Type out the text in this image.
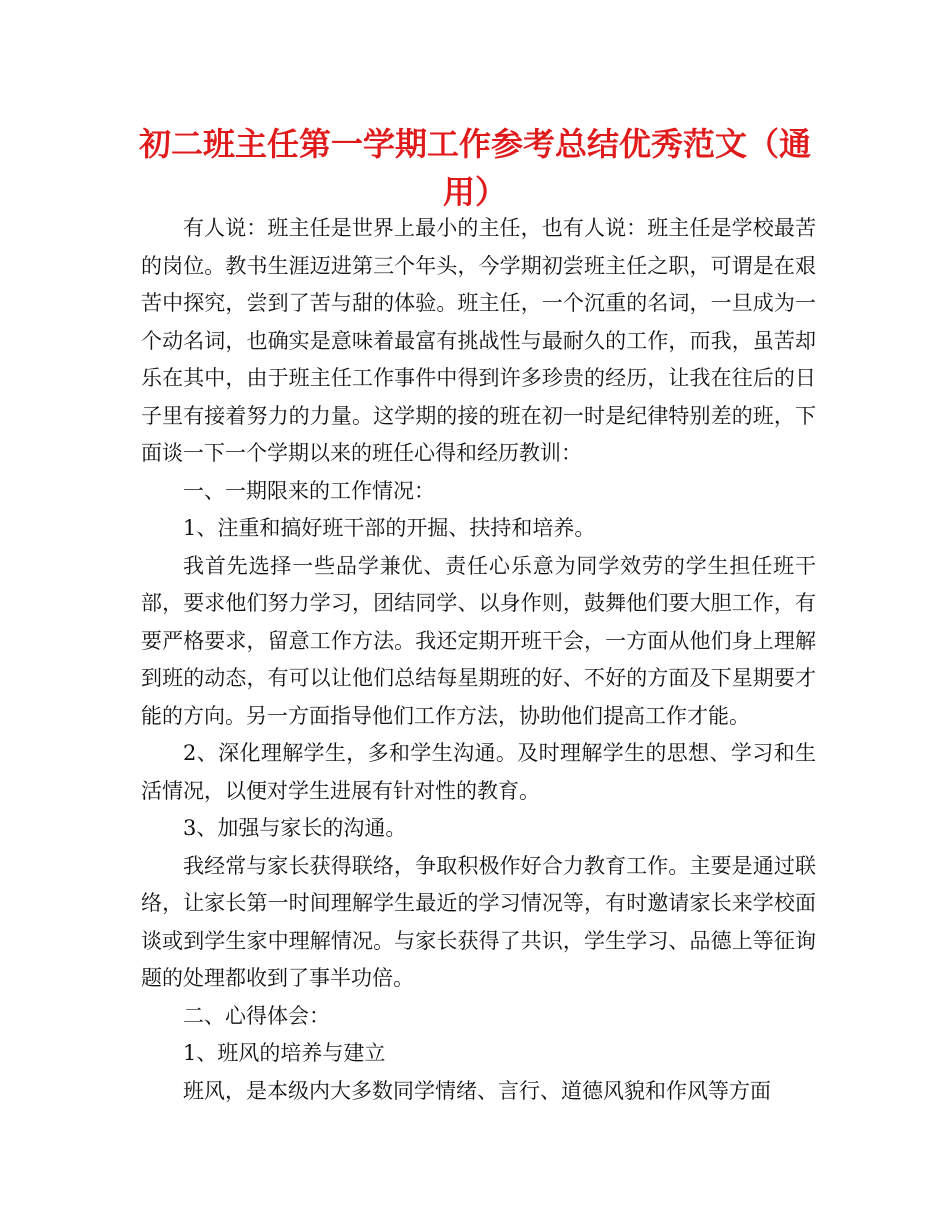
初二班主任第一学期工作参考总结优秀范文（通用）

有人说：班主任是世界上最小的主任，也有人说：班主任是学校最苦的岗位。教书生涯迈进第三个年头，今学期初尝班主任之职，可谓是在艰苦中探究，尝到了苦与甜的体验。班主任，一个沉重的名词，一旦成为一个动名词，也确实是意味着最富有挑战性与最耐久的工作，而我，虽苦却乐在其中，由于班主任工作事件中得到许多珍贵的经历，让我在往后的日子里有接着努力的力量。这学期的接的班在初一时是纪律特别差的班，下面谈一下一个学期以来的班任心得和经历教训：

一、一期限来的工作情况：

1、注重和搞好班干部的开掘、扶持和培养。

我首先选择一些品学兼优、责任心乐意为同学效劳的学生担任班干部，要求他们努力学习，团结同学、以身作则，鼓舞他们要大胆工作，有要严格要求，留意工作方法。我还定期开班干会，一方面从他们身上理解到班的动态，有可以让他们总结每星期班的好、不好的方面及下星期要才能的方向。另一方面指导他们工作方法，协助他们提高工作才能。

2、深化理解学生，多和学生沟通。及时理解学生的思想、学习和生活情况，以便对学生进展有针对性的教育。

3、加强与家长的沟通。

我经常与家长获得联络，争取积极作好合力教育工作。主要是通过联络，让家长第一时间理解学生最近的学习情况等，有时邀请家长来学校面谈或到学生家中理解情况。与家长获得了共识，学生学习、品德上等征询题的处理都收到了事半功倍。

二、心得体会：

1、班风的培养与建立

班风，是本级内大多数同学情绪、言行、道德风貌和作风等方面
